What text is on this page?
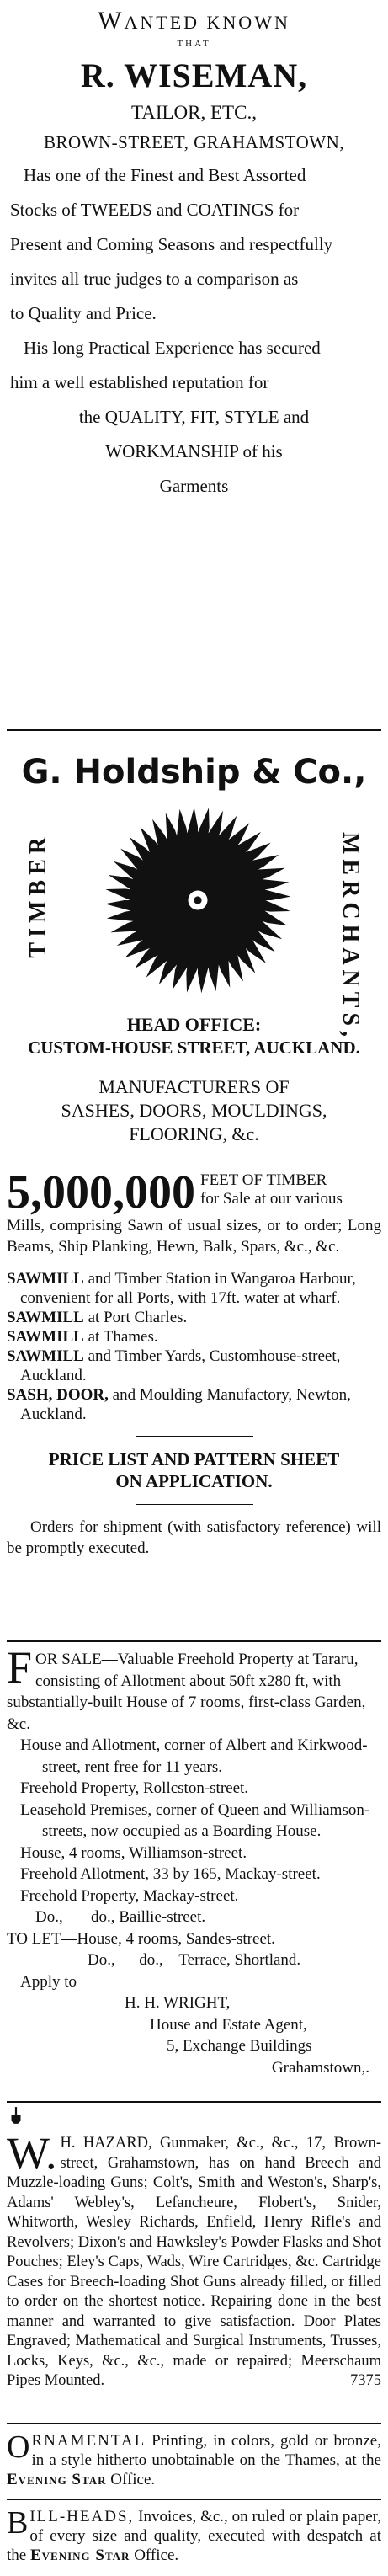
WANTED KNOWN

THAT

R. WISEMAN,

TAILOR, ETC.,

BROWN-STREET, GRAHAMSTOWN,

Has one of the Finest and Best Assorted

Stocks of TWEEDS and COATINGS for

Present and Coming Seasons and respectfully

invites all true judges to a comparison as

to Quality and Price.

His long Practical Experience has secured

him a well established reputation for

the QUALITY, FIT, STYLE and

WORKMANSHIP of his

Garments

G. Holdship & Co.,

TIMBER	MERCHANTS,

HEAD OFFICE:

CUSTOM-HOUSE STREET, AUCKLAND.

MANUFACTURERS OF

SASHES, DOORS, MOULDINGS,

FLOORING, &c.

5,000,000 FEET OF TIMBER

for Sale at our various

Mills, comprising Sawn of usual sizes, or to order; Long Beams, Ship Planking, Hewn, Balk, Spars, &c., &c.

SAWMILL and Timber Station in Wangaroa Harbour, convenient for all Ports, with 17ft. water at wharf.

SAWMILL at Port Charles.

SAWMILL at Thames.

SAWMILL and Timber Yards, Customhouse-street, Auckland.

SASH, DOOR, and Moulding Manufactory, Newton, Auckland.

PRICE LIST AND PATTERN SHEET

ON APPLICATION.

Orders for shipment (with satisfactory reference) will be promptly executed.

FOR SALE—Valuable Freehold Property at Tararu, consisting of Allotment about 50ft x280 ft, with substantially-built House of 7 rooms, first-class Garden, &c.

House and Allotment, corner of Albert and Kirkwood-street, rent free for 11 years.

Freehold Property, Rollcston-street.

Leasehold Premises, corner of Queen and Williamson-streets, now occupied as a Boarding House.

House, 4 rooms, Williamson-street.

Freehold Allotment, 33 by 165, Mackay-street.

Freehold Property, Mackay-street.

Do.,       do., Baillie-street.

TO LET—House, 4 rooms, Sandes-street.

Do.,      do.,    Terrace, Shortland.

Apply to

H. H. WRIGHT,

House and Estate Agent,

5, Exchange Buildings

Grahamstown,.

W. H. HAZARD, Gunmaker, &c., &c., 17, Brown-street, Grahamstown, has on hand Breech and Muzzle-loading Guns; Colt's, Smith and Weston's, Sharp's, Adams' Webley's, Lefancheure, Flobert's, Snider, Whitworth, Wesley Richards, Enfield, Henry Rifle's and Revolvers; Dixon's and Hawksley's Powder Flasks and Shot Pouches; Eley's Caps, Wads, Wire Cartridges, &c. Cartridge Cases for Breech-loading Shot Guns already filled, or filled to order on the shortest notice. Repairing done in the best manner and warranted to give satisfaction. Door Plates Engraved; Mathematical and Surgical Instruments, Trusses, Locks, Keys, &c., &c., made or repaired; Meerschaum Pipes Mounted.	7375
ORNAMENTAL Printing, in colors, gold or bronze, in a style hitherto unobtainable on the Thames, at the Evening Star Office.
BILL-HEADS, Invoices, &c., on ruled or plain paper, of every size and quality, executed with despatch at the Evening Star Office.
